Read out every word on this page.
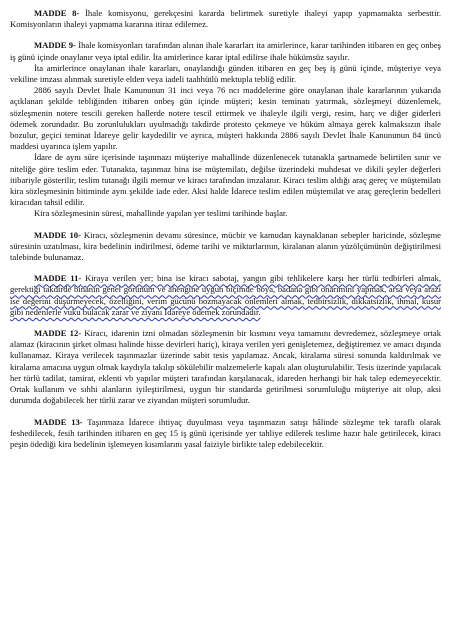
MADDE 8- İhale komisyonu, gerekçesini kararda belirtmek suretiyle ihaleyi yapıp yapmamakta serbesttir. Komisyonların ihaleyi yapmama kararına itiraz edilemez.

MADDE 9- İhale komisyonları tarafından alınan ihale kararları ita amirlerince, karar tarihinden itibaren en geç onbeş iş günü içinde onaylanır veya iptal edilir. İta amirlerince karar iptal edilirse ihale hükümsüz sayılır.

İta amirlerince onaylanan ihale kararları, onaylandığı günden itibaren en geç beş iş günü içinde, müşteriye veya vekiline imzası alınmak suretiyle elden veya iadeli taahhütlü mektupla tebliğ edilir.

2886 sayılı Devlet İhale Kanununun 31 inci veya 76 ncı maddelerine göre onaylanan ihale kararlarının yukarıda açıklanan şekilde tebliğinden itibaren onbeş gün içinde müşteri; kesin teminatı yatırmak, sözleşmeyi düzenlemek, sözleşmenin notere tescili gereken hallerde notere tescil ettirmek ve ihaleyle ilgili vergi, resim, harç ve diğer giderleri ödemek zorundadır. Bu zorunlulukları uyulmadığı takdirde protesto çekmeye ve hüküm almaya gerek kalmaksızın ihale bozulur, geçici teminat İdareye gelir kaydedilir ve ayrıca, müşteri hakkında 2886 sayılı Devlet İhale Kanununun 84 üncü maddesi uyarınca işlem yapılır.

İdare de aynı süre içerisinde taşınmazı müşteriye mahallinde düzenlenecek tutanakla şartnamede belirtilen sınır ve niteliğe göre teslim eder. Tutanakta, taşınmaz bina ise müştemilatı, değilse üzerindeki muhdesat ve dikili şeyler değerleri itibariyle gösterilir, teslim tutanağı ilgili memur ve kiracı tarafından imzalanır. Kiracı teslim aldığı araç gereç ve müştemilatı kira sözleşmesinin bitiminde aynı şekilde iade eder. Aksi halde İdarece teslim edilen müştemilat ve araç gereçlerin bedelleri kiracıdan tahsil edilir.

Kira sözleşmesinin süresi, mahallinde yapılan yer teslimi tarihinde başlar.

MADDE 10- Kiracı, sözleşmenin devamı süresince, mücbir ve kamudan kaynaklanan sebepler haricinde, sözleşme süresinin uzatılması, kira bedelinin indirilmesi, ödeme tarihi ve miktarlarının, kiralanan alanın yüzölçümünün değiştirilmesi talebinde bulunamaz.

MADDE 11- Kiraya verilen yer; bina ise kiracı sabotaj, yangın gibi tehlikelere karşı her türlü tedbirleri almak, gerektiği takdirde binanın genel görünüm ve ahengine uygun biçimde boya, badana gibi onarımını yapmak, arsa veya arazi ise değerini düşürmeyecek, özelliğini, verim gücünü bozmayacak önlemleri almak, tedbirsizlik, dikkatsizlik, ihmal, kusur gibi nedenlerle vuku bulacak zarar ve ziyanı İdareye ödemek zorundadır.

MADDE 12- Kiracı, idarenin izni olmadan sözleşmenin bir kısmını veya tamamını devredemez, sözleşmeye ortak alamaz (kiracının şirket olması halinde hisse devirleri hariç), kiraya verilen yeri genişletemez, değiştiremez ve amacı dışında kullanamaz. Kiraya verilecek taşınmazlar üzerinde sabit tesis yapılamaz. Ancak, kiralama süresi sonunda kaldırılmak ve kiralama amacına uygun olmak kaydıyla takılıp sökülebilir malzemelerle kapalı alan oluşturulabilir. Tesis üzerinde yapılacak her türlü tadilat, tamirat, eklenti vb yapılar müşteri tarafından karşılanacak, idareden herhangi bir hak talep edemeyecektir. Ortak kullanım ve sıhhi alanların iyileştirilmesi, uygun bir standarda getirilmesi sorumluluğu müşteriye ait olup, aksi durumda doğabilecek her türlü zarar ve ziyandan müşteri sorumludur.

MADDE 13- Taşınmaza İdarece ihtiyaç duyulması veya taşınmazın satışı hâlinde sözleşme tek taraflı olarak feshedilecek, fesih tarihinden itibaren en geç 15 iş günü içerisinde yer tahliye edilerek teslime hazır hale getirilecek, kiracı peşin ödediği kira bedelinin işlemeyen kısımlarını yasal faiziyle birlikte talep edebilecektir.
